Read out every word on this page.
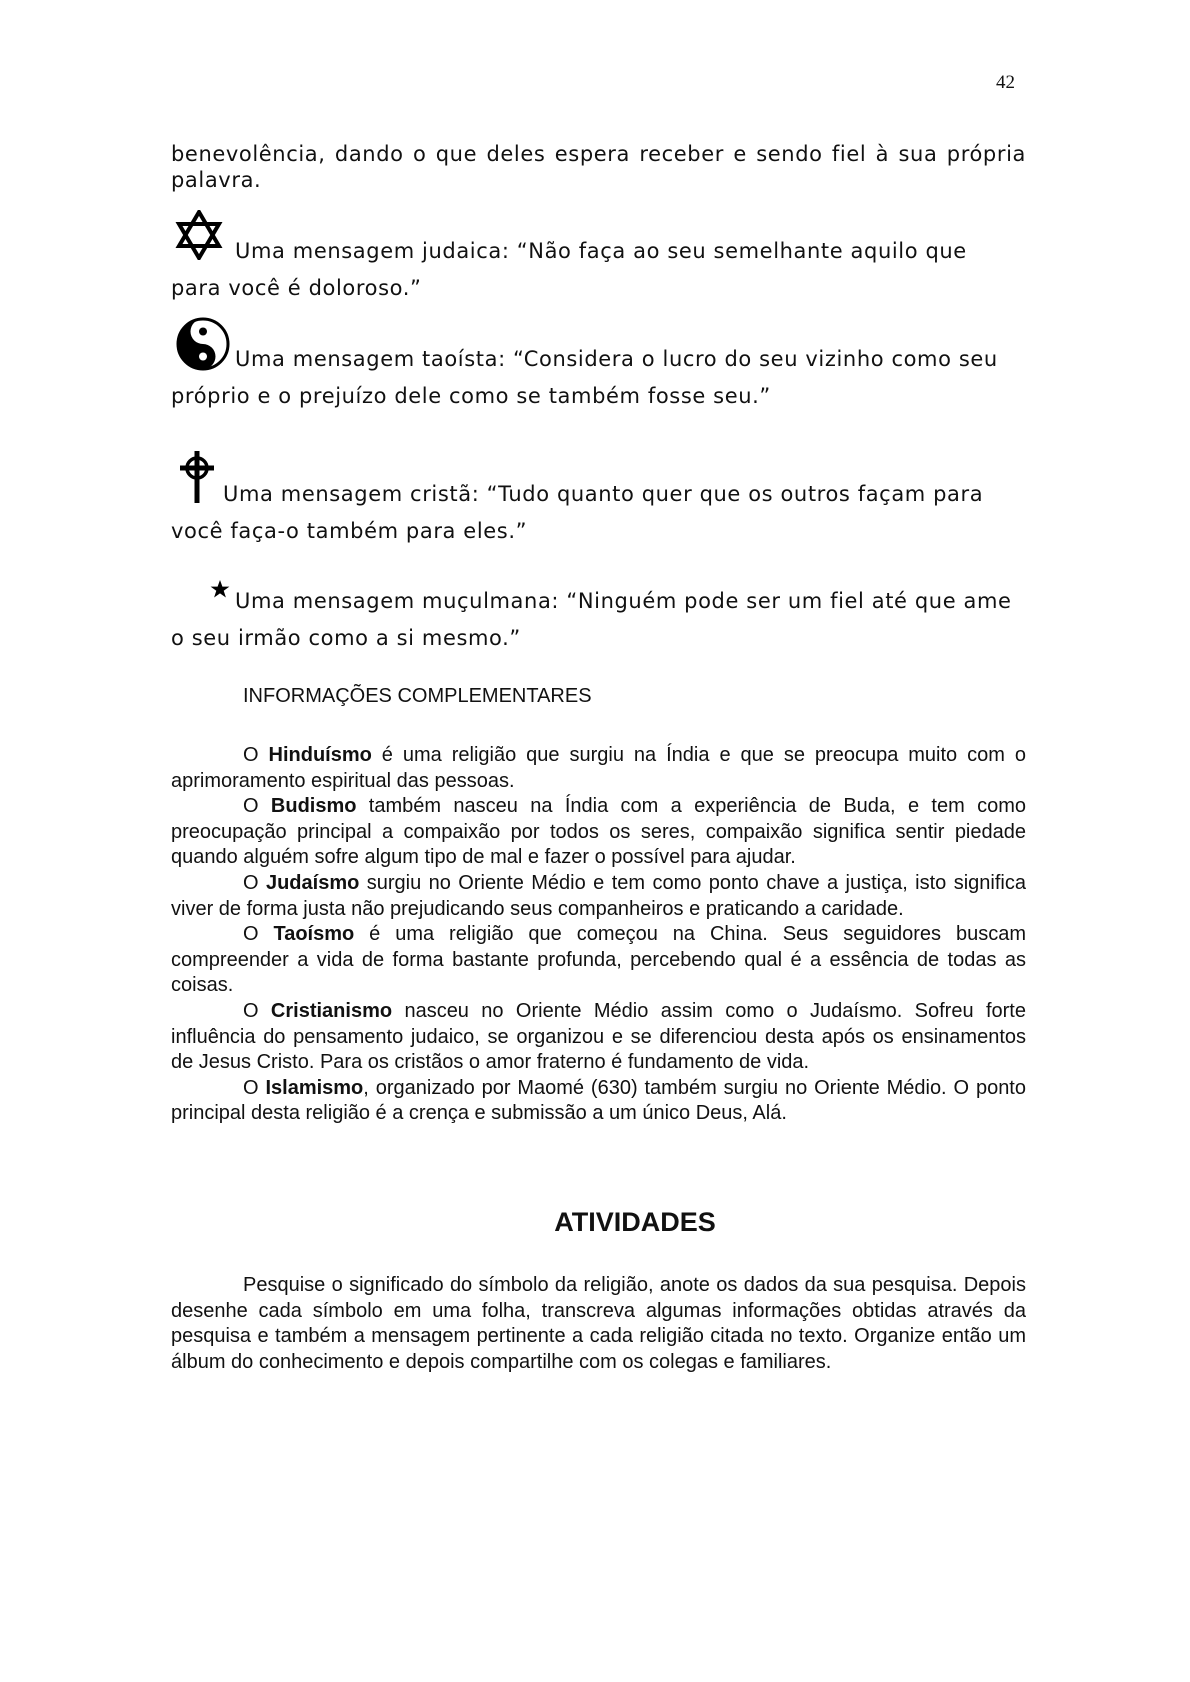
42
benevolência, dando o que deles espera receber e sendo fiel à sua própria palavra.
Uma mensagem judaica: “Não faça ao seu semelhante aquilo que
para você é doloroso.”
Uma mensagem taoísta: “Considera o lucro do seu vizinho como seu
próprio e o prejuízo dele como se também fosse seu.”
Uma mensagem cristã: “Tudo quanto quer que os outros façam para
você faça-o também para eles.”
Uma mensagem muçulmana: “Ninguém pode ser um fiel até que ame
o seu irmão como a si mesmo.”
INFORMAÇÕES COMPLEMENTARES
O Hinduísmo é uma religião que surgiu na Índia e que se preocupa muito com o aprimoramento espiritual das pessoas.
O Budismo também nasceu na Índia com a experiência de Buda, e tem como preocupação principal a compaixão por todos os seres, compaixão significa sentir piedade quando alguém sofre algum tipo de mal e fazer o possível para ajudar.
O Judaísmo surgiu no Oriente Médio e tem como ponto chave a justiça, isto significa viver de forma justa não prejudicando seus companheiros e praticando a caridade.
O Taoísmo é uma religião que começou na China. Seus seguidores buscam compreender a vida de forma bastante profunda, percebendo qual é a essência de todas as coisas.
O Cristianismo nasceu no Oriente Médio assim como o Judaísmo. Sofreu forte influência do pensamento judaico, se organizou e se diferenciou desta após os ensinamentos de Jesus Cristo. Para os cristãos o amor fraterno é fundamento de vida.
O Islamismo, organizado por Maomé (630) também surgiu no Oriente Médio. O ponto principal desta religião é a crença e submissão a um único Deus, Alá.
ATIVIDADES
Pesquise o significado do símbolo da religião, anote os dados da sua pesquisa. Depois desenhe cada símbolo em uma folha, transcreva algumas informações obtidas através da pesquisa e também a mensagem pertinente a cada religião citada no texto. Organize então um álbum do conhecimento e depois compartilhe com os colegas e familiares.
